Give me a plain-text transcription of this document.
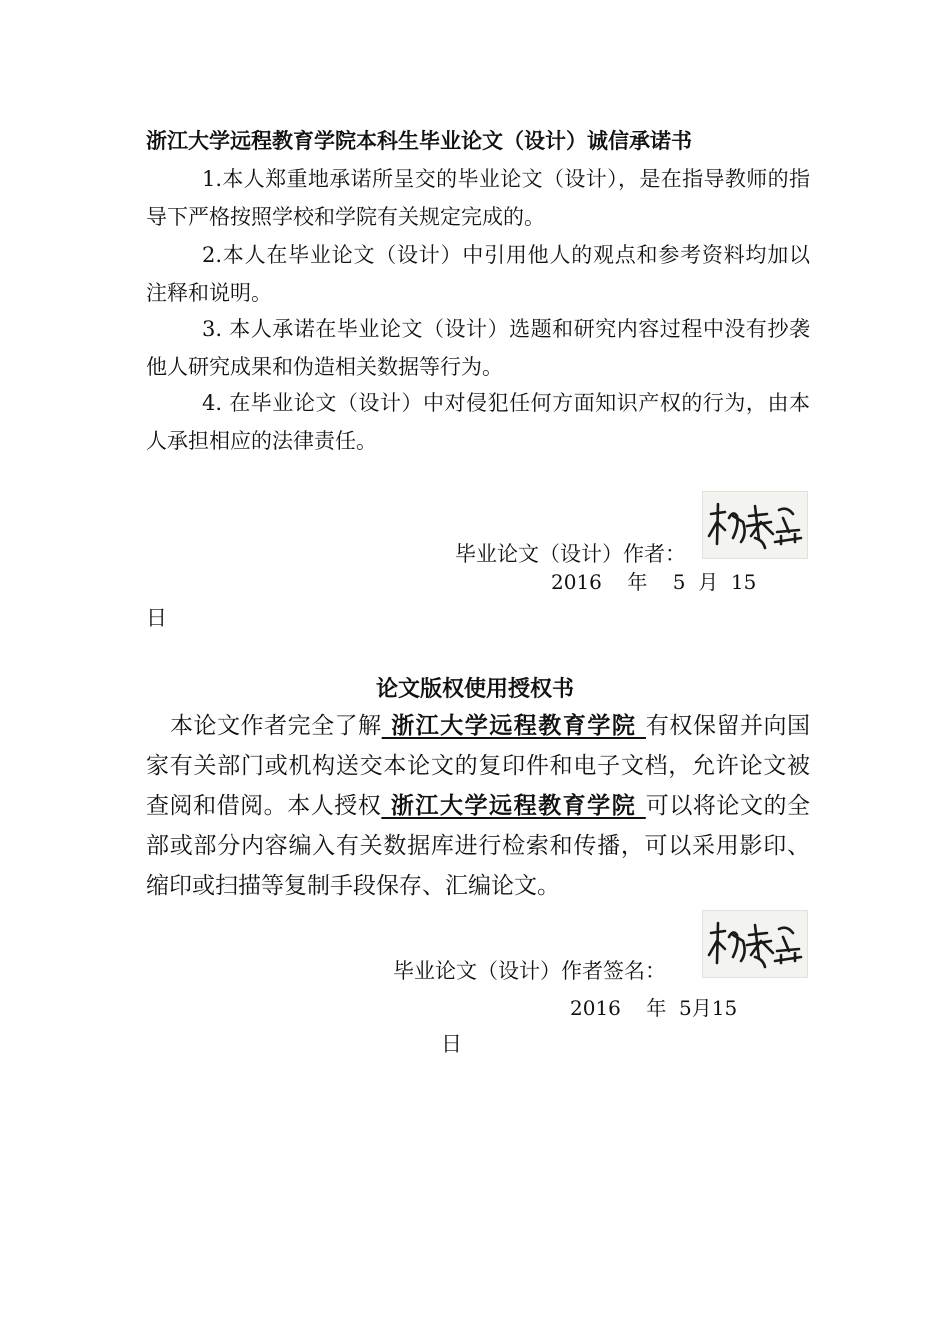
浙江大学远程教育学院本科生毕业论文（设计）诚信承诺书
1.本人郑重地承诺所呈交的毕业论文（设计），是在指导教师的指导下严格按照学校和学院有关规定完成的。
2.本人在毕业论文（设计）中引用他人的观点和参考资料均加以注释和说明。
3. 本人承诺在毕业论文（设计）选题和研究内容过程中没有抄袭他人研究成果和伪造相关数据等行为。
4. 在毕业论文（设计）中对侵犯任何方面知识产权的行为，由本人承担相应的法律责任。
毕业论文（设计）作者：
2016    年    5  月  15
日
论文版权使用授权书
本论文作者完全了解 浙江大学远程教育学院 有权保留并向国家有关部门或机构送交本论文的复印件和电子文档，允许论文被查阅和借阅。本人授权 浙江大学远程教育学院 可以将论文的全部或部分内容编入有关数据库进行检索和传播，可以采用影印、缩印或扫描等复制手段保存、汇编论文。
毕业论文（设计）作者签名：
2016    年  5月15
日
